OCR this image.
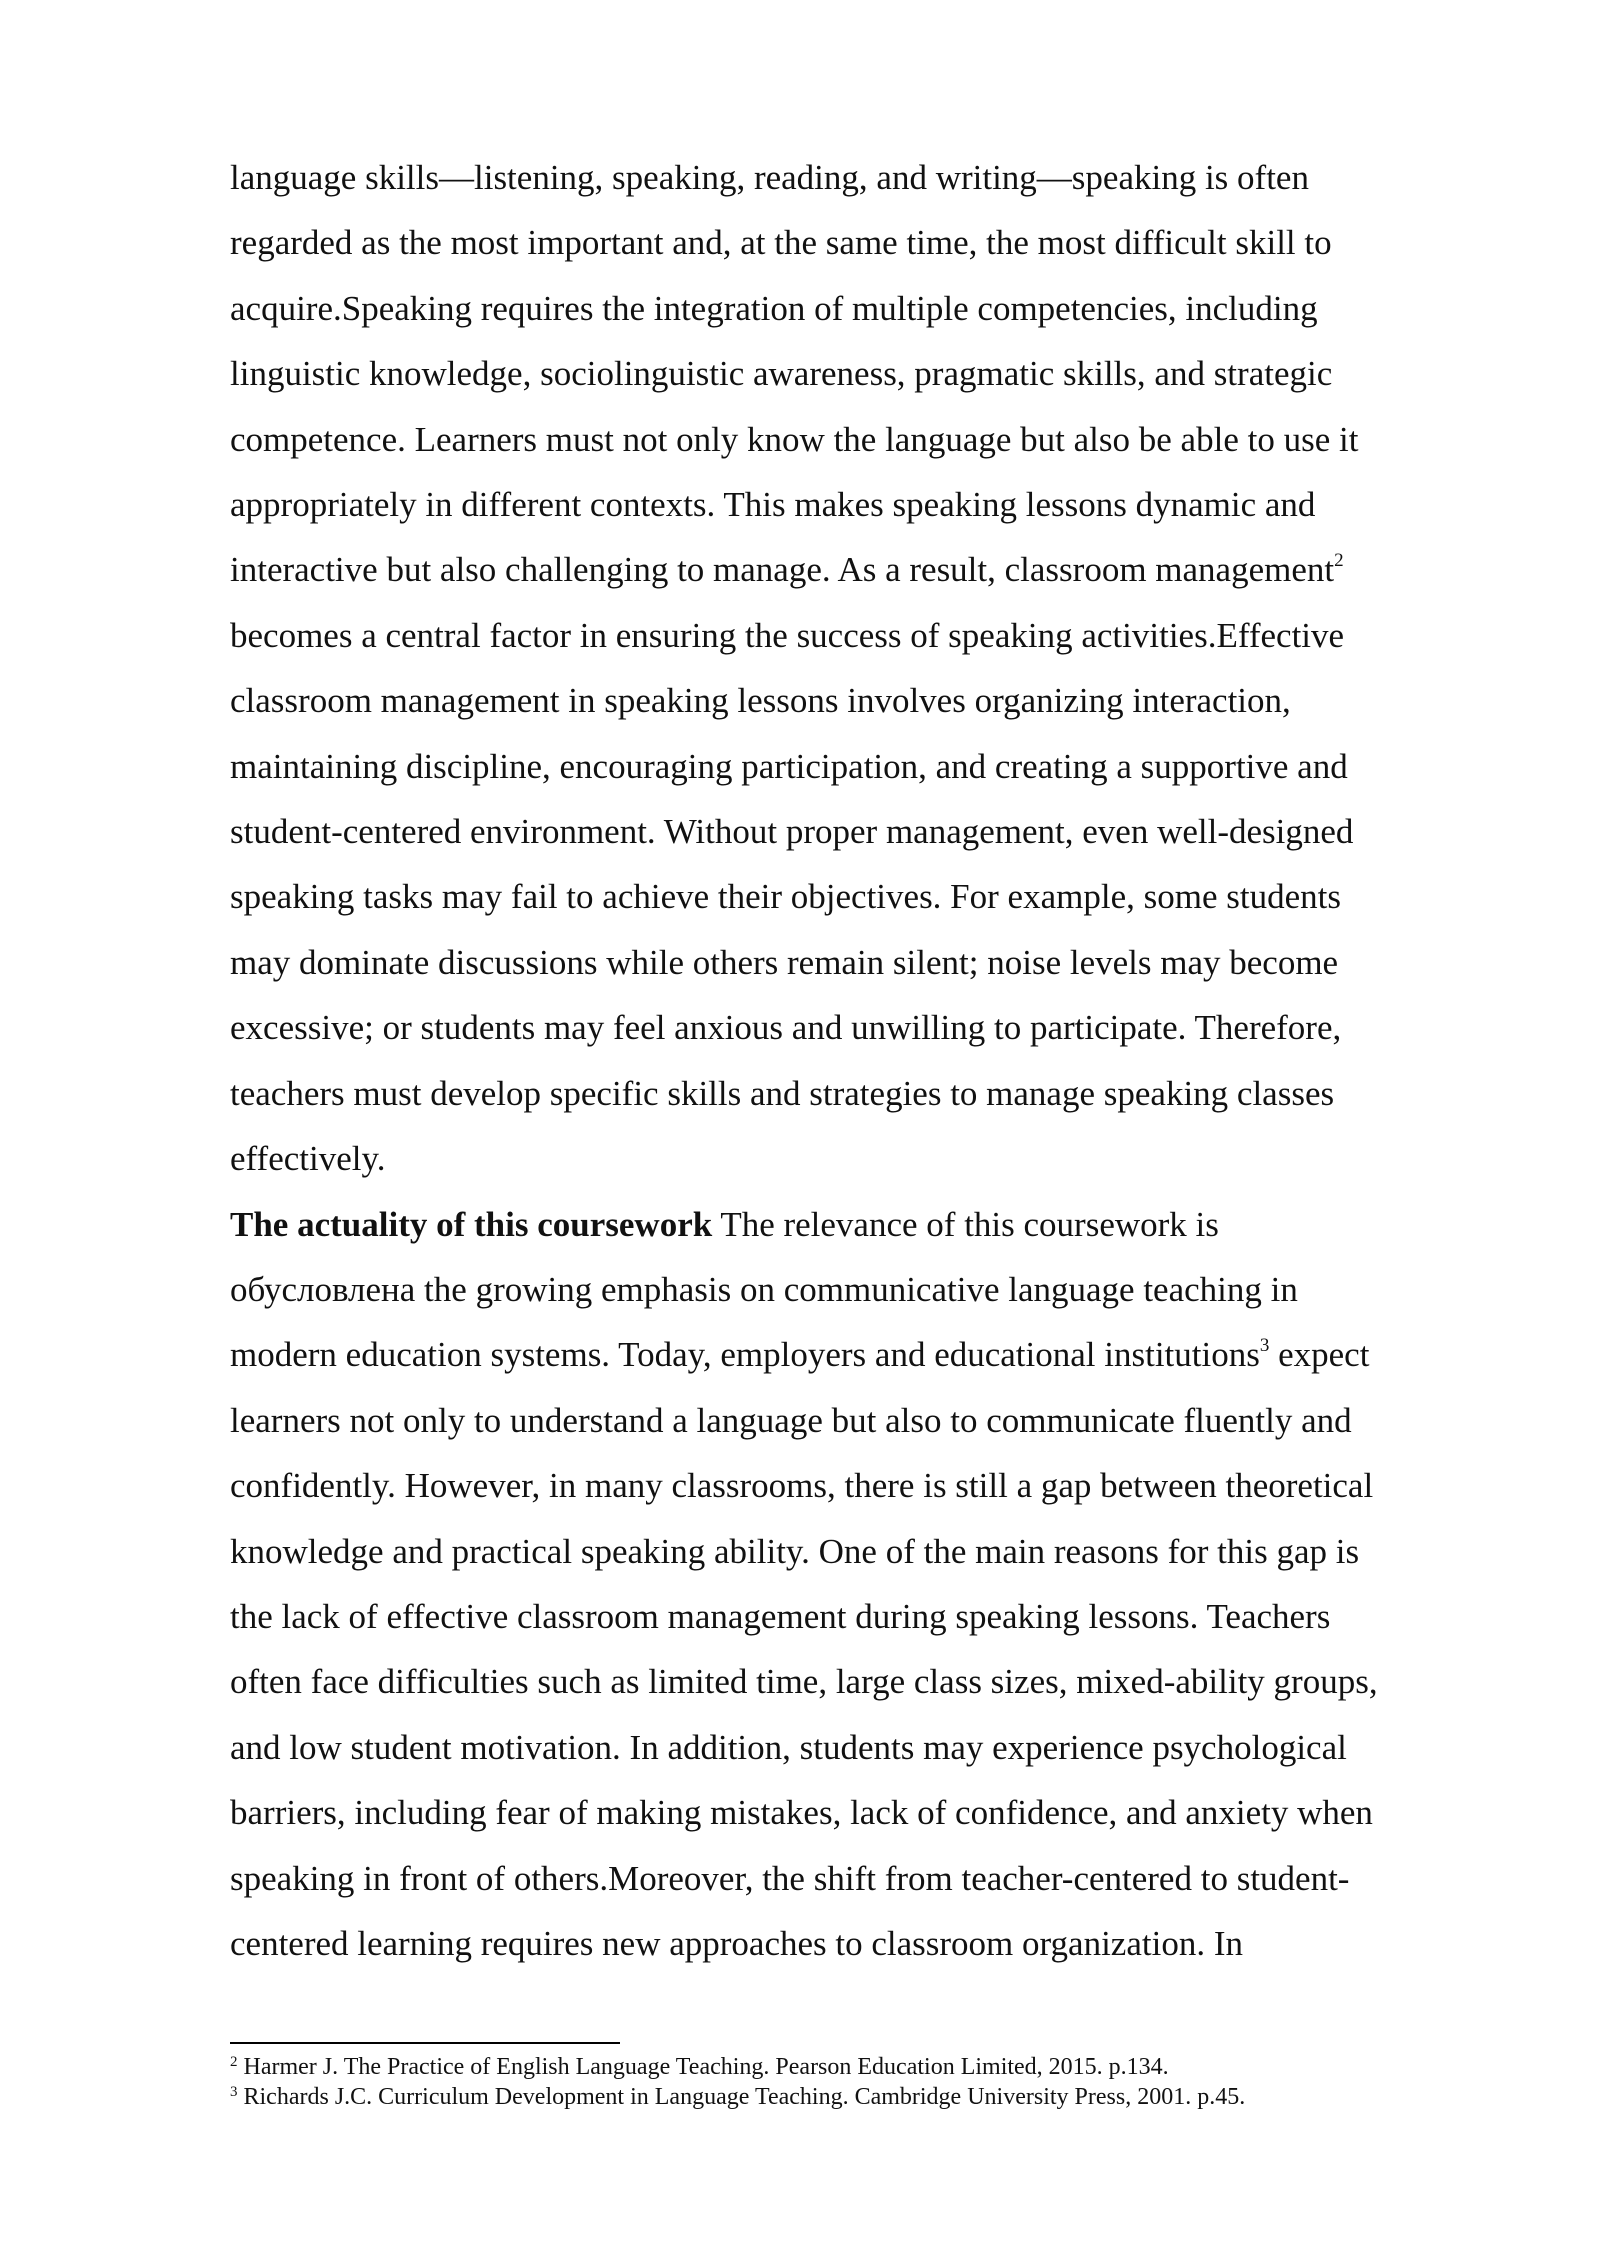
language skills—listening, speaking, reading, and writing—speaking is often
regarded as the most important and, at the same time, the most difficult skill to
acquire.Speaking requires the integration of multiple competencies, including
linguistic knowledge, sociolinguistic awareness, pragmatic skills, and strategic
competence. Learners must not only know the language but also be able to use it
appropriately in different contexts. This makes speaking lessons dynamic and
interactive but also challenging to manage. As a result, classroom management$^2$
becomes a central factor in ensuring the success of speaking activities.Effective
classroom management in speaking lessons involves organizing interaction,
maintaining discipline, encouraging participation, and creating a supportive and
student-centered environment. Without proper management, even well-designed
speaking tasks may fail to achieve their objectives. For example, some students
may dominate discussions while others remain silent; noise levels may become
excessive; or students may feel anxious and unwilling to participate. Therefore,
teachers must develop specific skills and strategies to manage speaking classes
effectively.
The actuality of this coursework The relevance of this coursework is
обусловлена the growing emphasis on communicative language teaching in
modern education systems. Today, employers and educational institutions$^3$ expect
learners not only to understand a language but also to communicate fluently and
confidently. However, in many classrooms, there is still a gap between theoretical
knowledge and practical speaking ability. One of the main reasons for this gap is
the lack of effective classroom management during speaking lessons. Teachers
often face difficulties such as limited time, large class sizes, mixed-ability groups,
and low student motivation. In addition, students may experience psychological
barriers, including fear of making mistakes, lack of confidence, and anxiety when
speaking in front of others.Moreover, the shift from teacher-centered to student-
centered learning requires new approaches to classroom organization. In
$^2$ Harmer J. The Practice of English Language Teaching. Pearson Education Limited, 2015. p.134.
$^3$ Richards J.C. Curriculum Development in Language Teaching. Cambridge University Press, 2001. p.45.
